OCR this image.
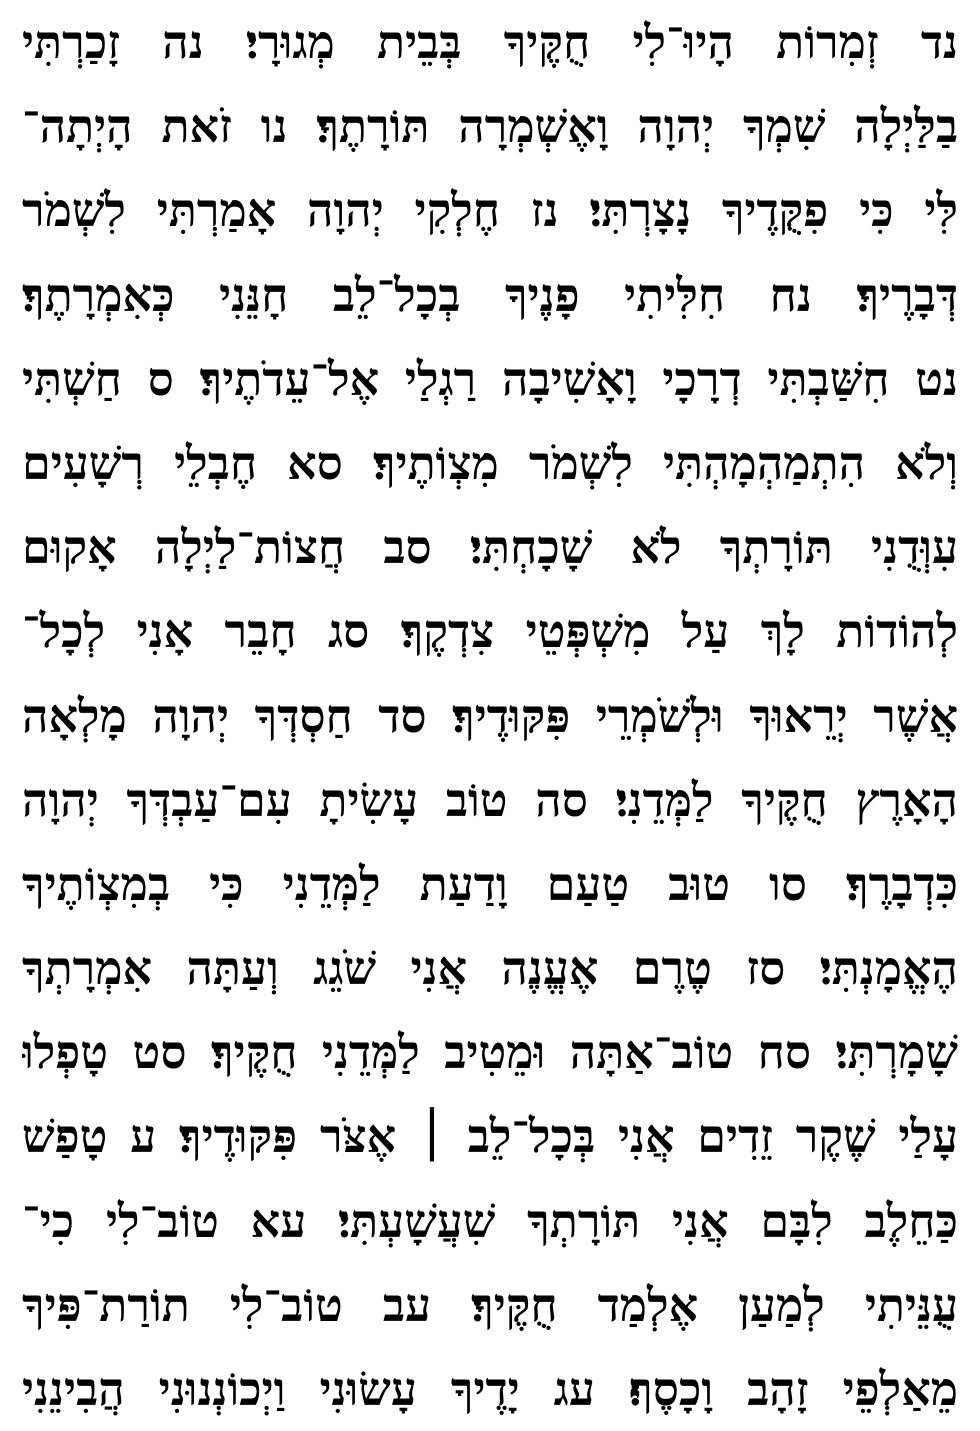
נד זְמִרוֹת הָיוּ־לִי חֻקֶּיךָ בְּבֵית מְגוּרָי׃ נה זָכַרְתִּי
בַלַּיְלָה שִׁמְךָ יְהוָה וָאֶשְׁמְרָה תּוֹרָתֶךָ׃ נו זֹאת הָיְתָה־
לִּי כִּי פִקֻּדֶיךָ נָצָרְתִּי׃ נז חֶלְקִי יְהוָה אָמַרְתִּי לִשְׁמֹר
דְּבָרֶיךָ׃ נח חִלִּיתִי פָנֶיךָ בְכָל־לֵב חָנֵּנִי כְּאִמְרָתֶךָ׃
נט חִשַּׁבְתִּי דְרָכָי וָאָשִׁיבָה רַגְלַי אֶל־עֵדֹתֶיךָ׃ ס חַשְׁתִּי
וְלֹא הִתְמַהְמָהְתִּי לִשְׁמֹר מִצְוֹתֶיךָ׃ סא חֶבְלֵי רְשָׁעִים
עִוְּדֻנִי תּוֹרָתְךָ לֹא שָׁכָחְתִּי׃ סב חֲצוֹת־לַיְלָה אָקוּם
לְהוֹדוֹת לָךְ עַל מִשְׁפְּטֵי צִדְקֶךָ׃ סג חָבֵר אָנִי לְכָל־
אֲשֶׁר יְרֵאוּךָ וּלְשֹׁמְרֵי פִּקּוּדֶיךָ׃ סד חַסְדְּךָ יְהוָה מָלְאָה
הָאָרֶץ חֻקֶּיךָ לַמְּדֵנִי׃ סה טוֹב עָשִׂיתָ עִם־עַבְדְּךָ יְהוָה
כִּדְבָרֶךָ׃ סו טוּב טַעַם וָדַעַת לַמְּדֵנִי כִּי בְמִצְוֹתֶיךָ
הֶאֱמָנְתִּי׃ סז טֶרֶם אֶעֱנֶה אֲנִי שֹׁגֵג וְעַתָּה אִמְרָתְךָ
שָׁמָרְתִּי׃ סח טוֹב־אַתָּה וּמֵטִיב לַמְּדֵנִי חֻקֶּיךָ׃ סט טָפְלוּ
עָלַי שֶׁקֶר זֵדִים אֲנִי בְּכָל־לֵב ׀ אֶצֹּר פִּקּוּדֶיךָ׃ ע טָפַשׁ
כַּחֵלֶב לִבָּם אֲנִי תּוֹרָתְךָ שִׁעֲשָׁעְתִּי׃ עא טוֹב־לִי כִי־
עֻנֵּיתִי לְמַעַן אֶלְמַד חֻקֶּיךָ׃ עב טוֹב־לִי תוֹרַת־פִּיךָ
מֵאַלְפֵי זָהָב וָכָסֶף׃ עג יָדֶיךָ עָשׂוּנִי וַיְכוֹנְנוּנִי הֲבִינֵנִי
